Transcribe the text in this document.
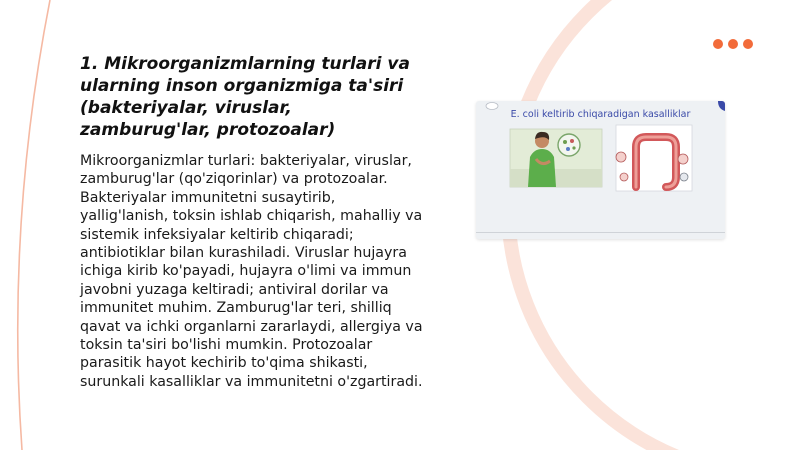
1. Mikroorganizmlarning turlari va ularning inson organizmiga ta'siri (bakteriyalar, viruslar, zamburug'lar, protozoalar)

Mikroorganizmlar turlari: bakteriyalar, viruslar, zamburug'lar (qo'ziqorinlar) va protozoalar. Bakteriyalar immunitetni susaytirib, yallig'lanish, toksin ishlab chiqarish, mahalliy va sistemik infeksiyalar keltirib chiqaradi; antibiotiklar bilan kurashiladi. Viruslar hujayra ichiga kirib ko'payadi, hujayra o'limi va immun javobni yuzaga keltiradi; antiviral dorilar va immunitet muhim. Zamburug'lar teri, shilliq qavat va ichki organlarni zararlaydi, allergiya va toksin ta'siri bo'lishi mumkin. Protozoalar parasitik hayot kechirib to'qima shikasti, surunkali kasalliklar va immunitetni o'zgartiradi.

E. coli keltirib chiqaradigan kasalliklar
